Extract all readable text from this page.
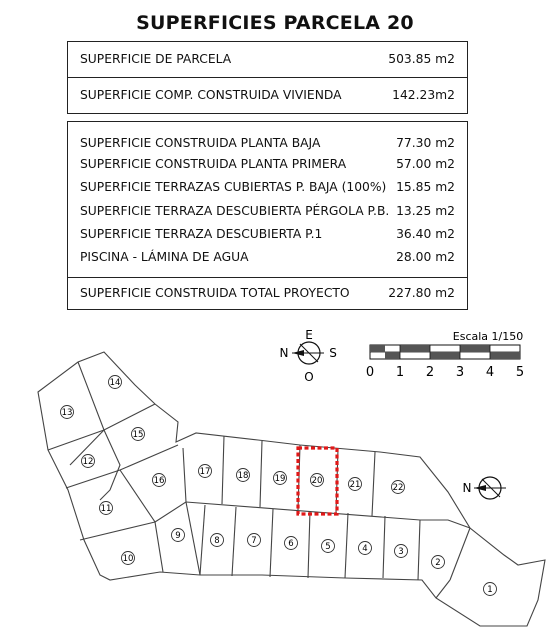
SUPERFICIES PARCELA 20
SUPERFICIE DE PARCELA	503.85 m2
SUPERFICIE COMP. CONSTRUIDA VIVIENDA	142.23m2
SUPERFICIE CONSTRUIDA PLANTA BAJA	77.30 m2
SUPERFICIE CONSTRUIDA PLANTA PRIMERA	57.00 m2
SUPERFICIE TERRAZAS CUBIERTAS P. BAJA (100%) 15.85 m2
SUPERFICIE TERRAZA DESCUBIERTA PÉRGOLA P.B. 13.25 m2
SUPERFICIE TERRAZA DESCUBIERTA P.1	36.40 m2
PISCINA - LÁMINA DE AGUA	28.00 m2
SUPERFICIE CONSTRUIDA TOTAL PROYECTO	227.80 m2
E
N	S
O
Escala 1/150
0 1 2 3 4 5
1
2
3
4
5
6
7
8
9
10
11
12
13
14
15
16
17	18	19	20	21	22	N
